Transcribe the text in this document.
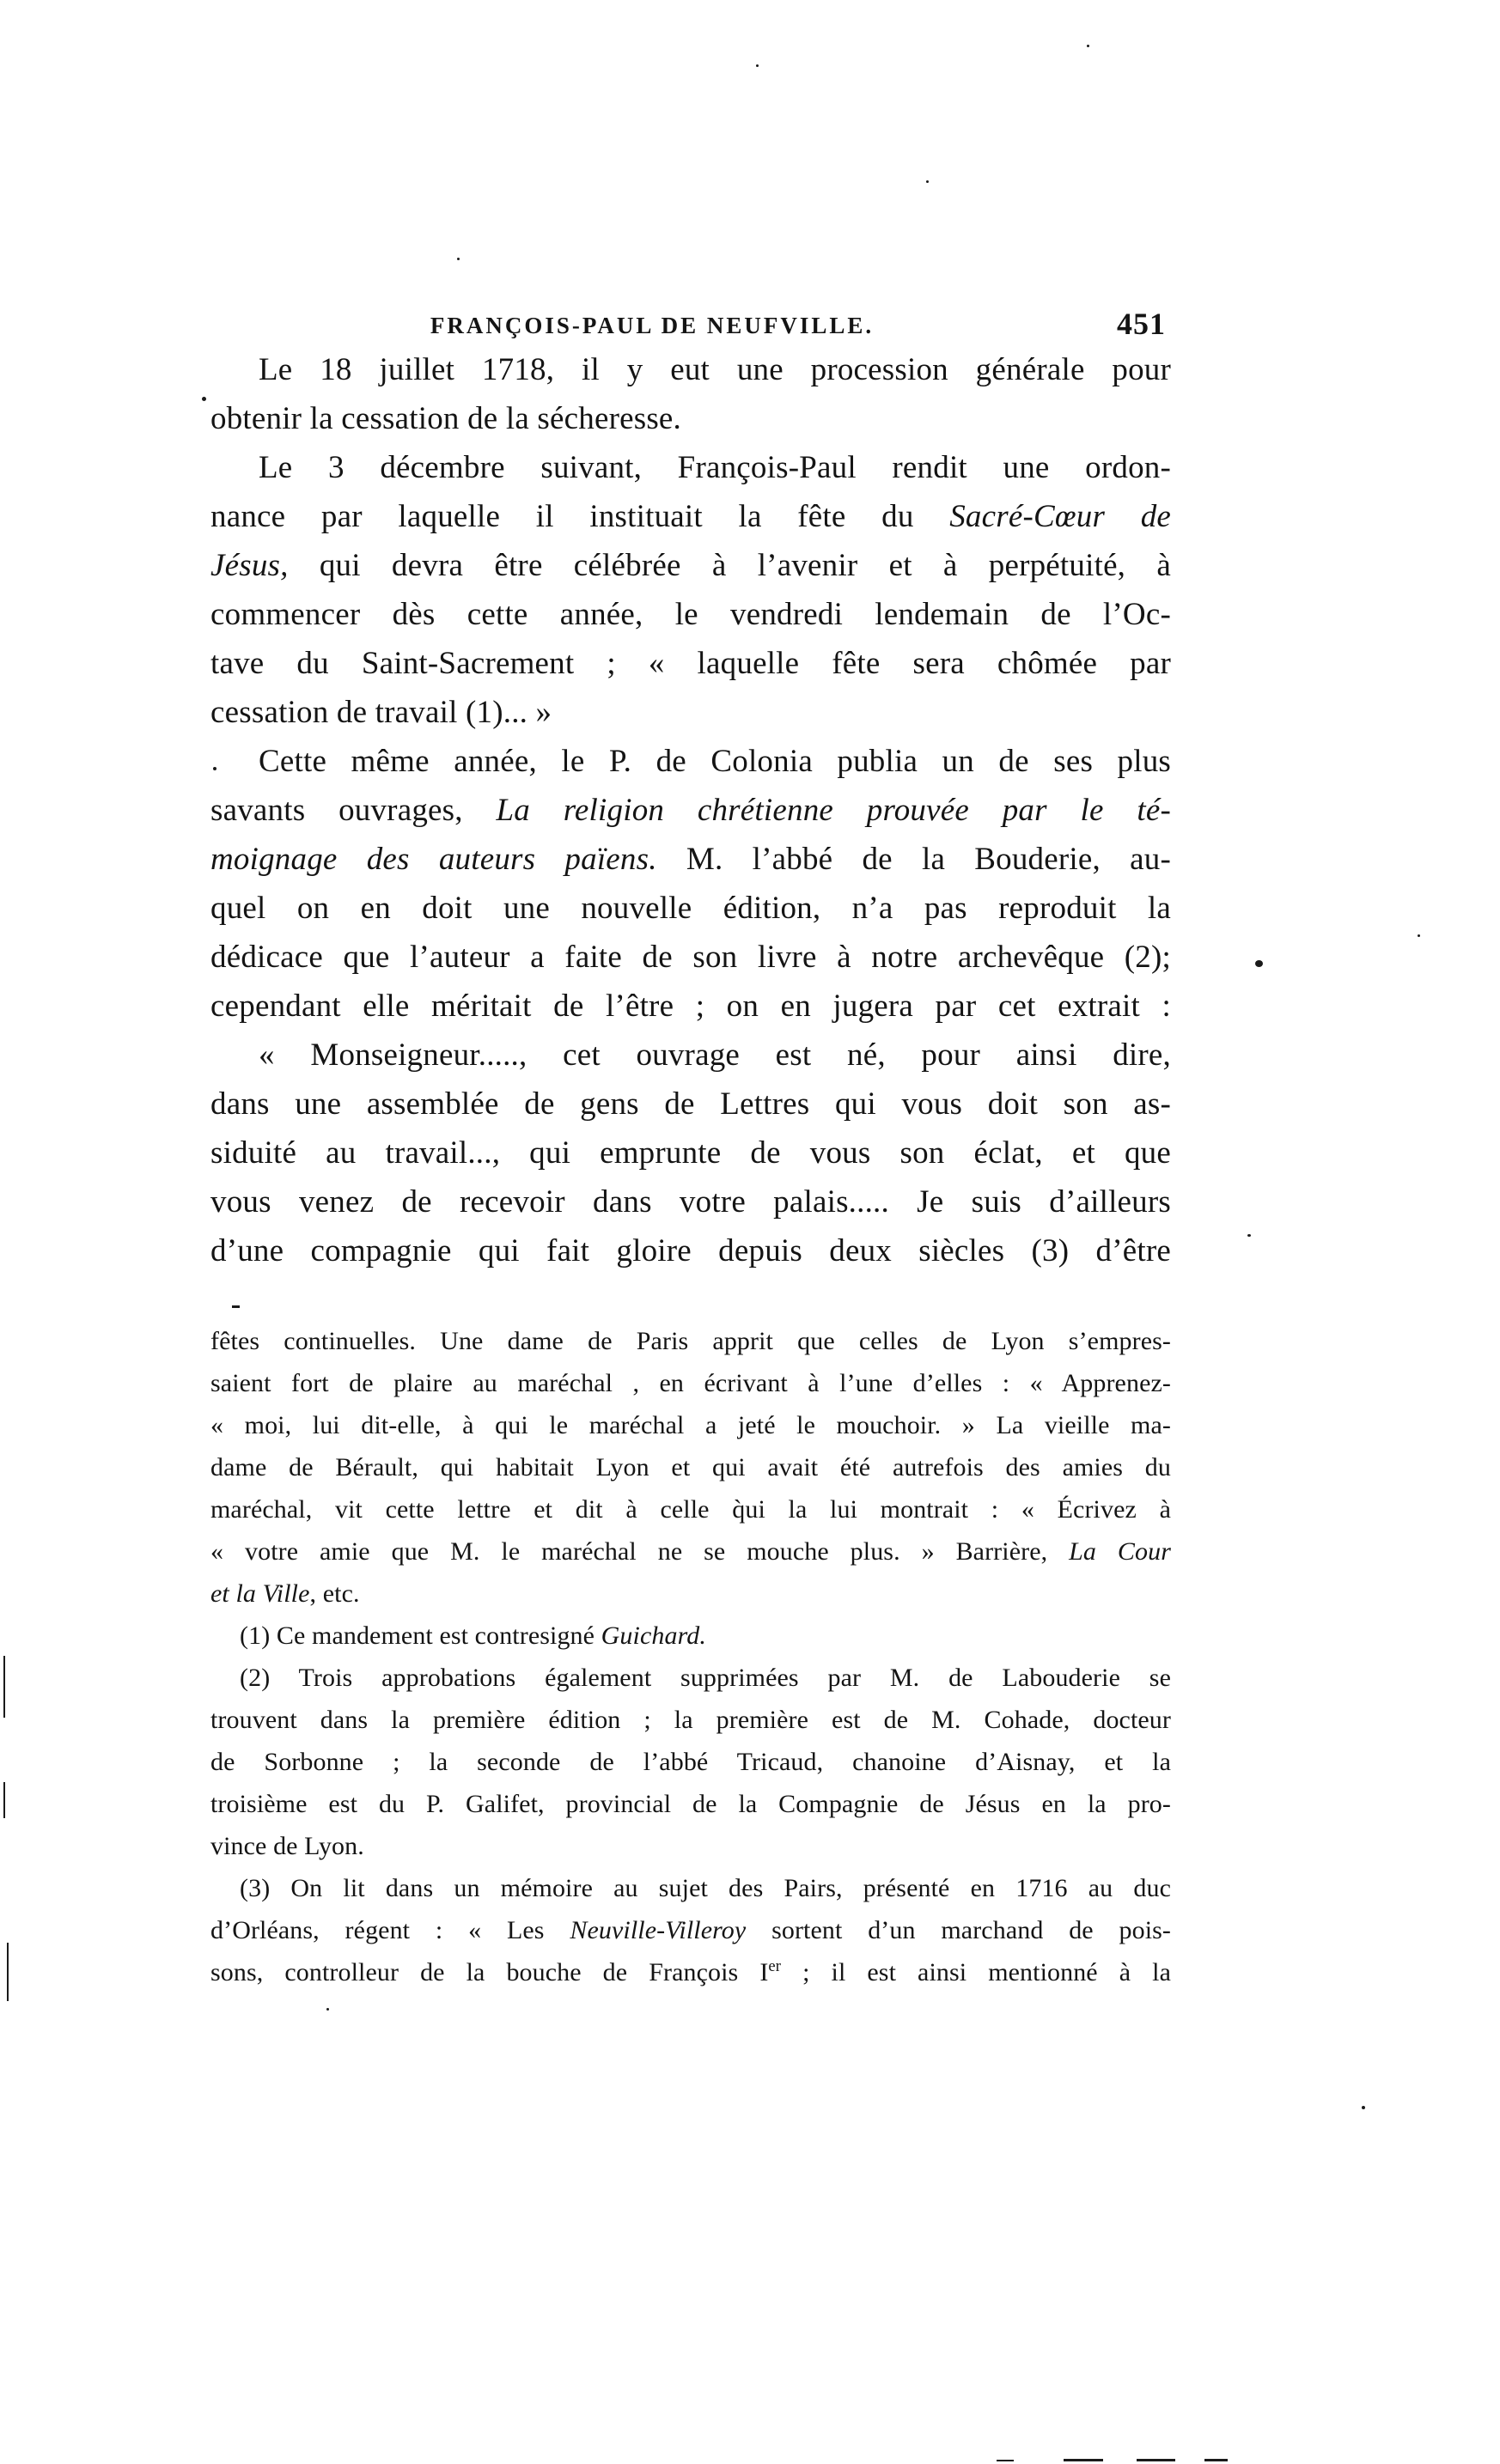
FRANÇOIS-PAUL DE NEUFVILLE.	451
Le 18 juillet 1718, il y eut une procession générale pour
obtenir la cessation de la sécheresse.
Le 3 décembre suivant, François-Paul rendit une ordon-
nance par laquelle il instituait la fête du Sacré-Cœur de
Jésus, qui devra être célébrée à l’avenir et à perpétuité, à
commencer dès cette année, le vendredi lendemain de l’Oc-
tave du Saint-Sacrement ; « laquelle fête sera chômée par
cessation de travail (1)... »
Cette même année, le P. de Colonia publia un de ses plus
savants ouvrages, La religion chrétienne prouvée par le té-
moignage des auteurs païens. M. l’abbé de la Bouderie, au-
quel on en doit une nouvelle édition, n’a pas reproduit la
dédicace que l’auteur a faite de son livre à notre archevêque (2);
cependant elle méritait de l’être ; on en jugera par cet extrait :
« Monseigneur....., cet ouvrage est né, pour ainsi dire,
dans une assemblée de gens de Lettres qui vous doit son as-
siduité au travail..., qui emprunte de vous son éclat, et que
vous venez de recevoir dans votre palais..... Je suis d’ailleurs
d’une compagnie qui fait gloire depuis deux siècles (3) d’être
fêtes continuelles. Une dame de Paris apprit que celles de Lyon s’empres-
saient fort de plaire au maréchal , en écrivant à l’une d’elles : « Apprenez-
« moi, lui dit-elle, à qui le maréchal a jeté le mouchoir. » La vieille ma-
dame de Bérault, qui habitait Lyon et qui avait été autrefois des amies du
maréchal, vit cette lettre et dit à celle q̀ui la lui montrait : « Écrivez à
« votre amie que M. le maréchal ne se mouche plus. » Barrière, La Cour
et la Ville, etc.
(1) Ce mandement est contresigné Guichard.
(2) Trois approbations également supprimées par M. de Labouderie se
trouvent dans la première édition ; la première est de M. Cohade, docteur
de Sorbonne ; la seconde de l’abbé Tricaud, chanoine d’Aisnay, et la
troisième est du P. Galifet, provincial de la Compagnie de Jésus en la pro-
vince de Lyon.
(3) On lit dans un mémoire au sujet des Pairs, présenté en 1716 au duc
d’Orléans, régent : « Les Neuville-Villeroy sortent d’un marchand de pois-
sons, controlleur de la bouche de François Ier ; il est ainsi mentionné à la
